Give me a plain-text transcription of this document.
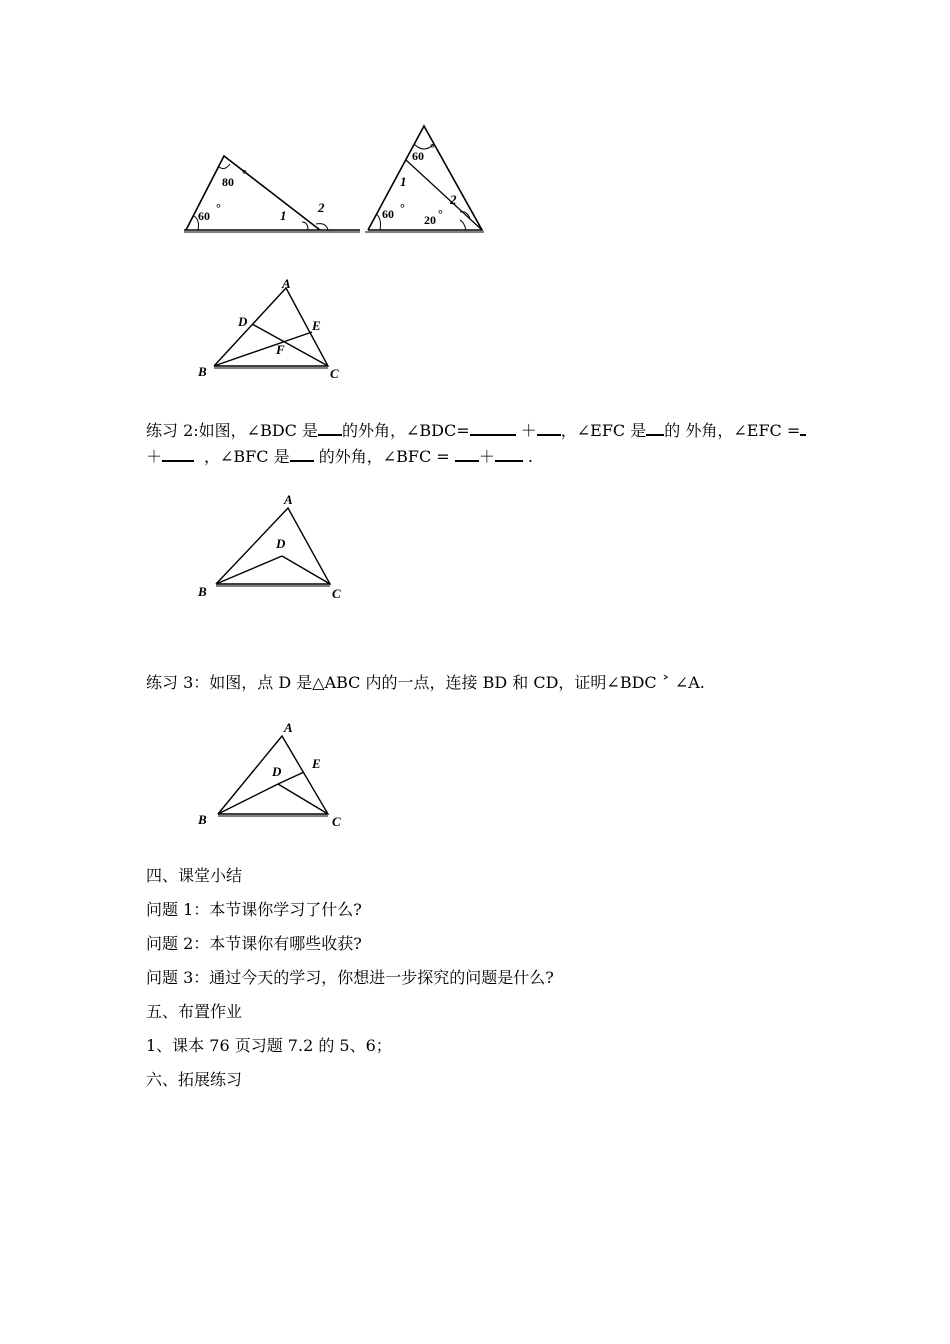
80
°
60
°	1
2
60
°
1
60 °
20 °
2
A
D	E
F
B	C
练习 2:如图，∠BDC 是 的外角，∠BDC=	＋ ，∠EFC 是 的 外角，∠EFC =
＋	，∠BFC 是 的外角，∠BFC = ＋ .
A
D
B	C
练习 3：如图，点 D 是△ABC 内的一点，连接 BD 和 CD，证明∠BDC ˃ ∠A.
A
D
E
B	C
四、课堂小结
问题 1：本节课你学习了什么?
问题 2：本节课你有哪些收获?
问题 3：通过今天的学习，你想进一步探究的问题是什么?
五、布置作业
1、课本 76 页习题 7.2 的 5、6；
六、拓展练习
